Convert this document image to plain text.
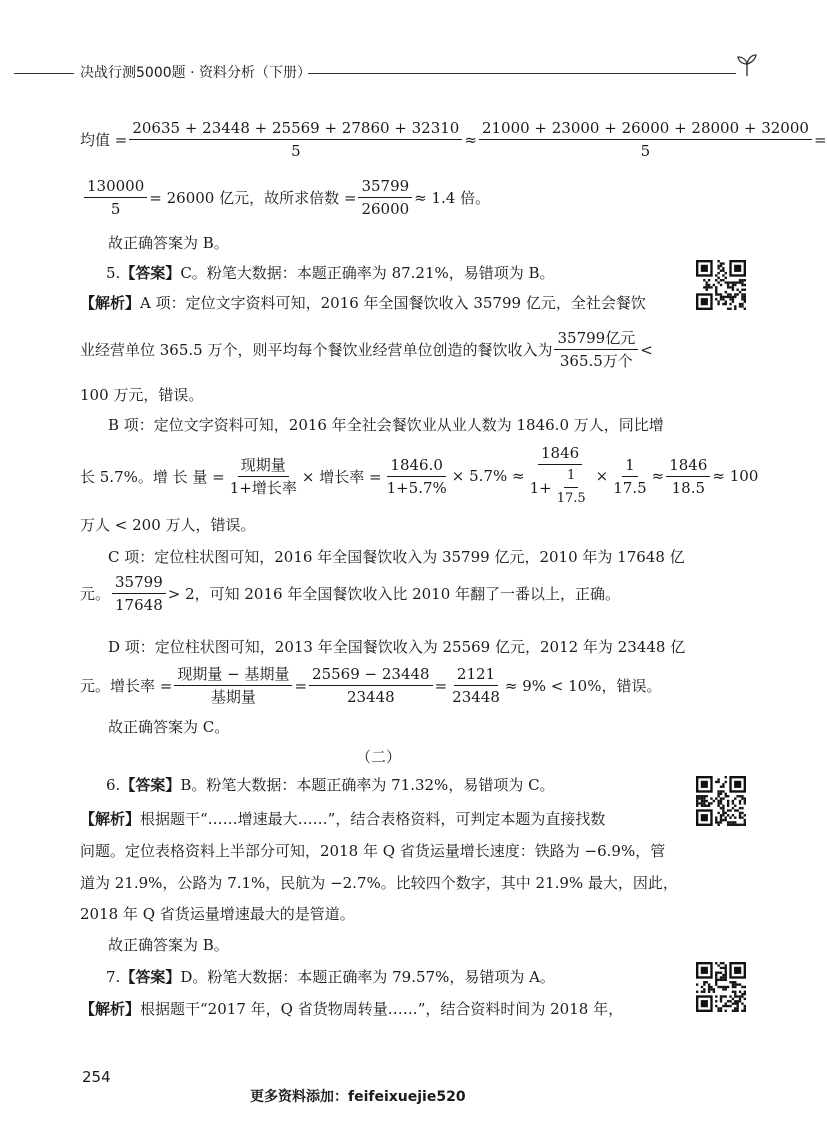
决战行测5000题 · 资料分析（下册）
均值 = $\frac{20635 + 23448 + 25569 + 27860 + 32310}{5} \approx \frac{21000 + 23000 + 26000 + 28000 + 32000}{5}$ =
$\frac{130000}{5} = 26000$ 亿元，故所求倍数 = $\frac{35799}{26000} \approx 1.4$ 倍。
故正确答案为 B。
5.【答案】C。粉笔大数据：本题正确率为 87.21%，易错项为 B。
【解析】A 项：定位文字资料可知，2016 年全国餐饮收入 35799 亿元，全社会餐饮
业经营单位 365.5 万个，则平均每个餐饮业经营单位创造的餐饮收入为 $\frac{\text{35799亿元}}{\text{365.5万个}}$ <
100 万元，错误。
B 项：定位文字资料可知，2016 年全社会餐饮业从业人数为 1846.0 万人，同比增
长 5.7%。增 长 量 = $\frac{\text{现期量}}{\text{1+增长率}}$ × 增长率 = $\frac{1846.0}{1+5.7\%} \times 5.7\% \approx \frac{1846}{1+ \frac{1}{17.5}} \times \frac{1}{17.5} \approx \frac{1846}{18.5} \approx 100$
万人 < 200 万人，错误。
C 项：定位柱状图可知，2016 年全国餐饮收入为 35799 亿元，2010 年为 17648 亿
元。 $\frac{35799}{17648} > 2$，可知 2016 年全国餐饮收入比 2010 年翻了一番以上，正确。
D 项：定位柱状图可知，2013 年全国餐饮收入为 25569 亿元，2012 年为 23448 亿
元。增长率 = $\frac{\text{现期量 − 基期量}}{\text{基期量}} = \frac{25569 - 23448}{23448} = \frac{2121}{23448} \approx 9\% < 10\%$，错误。
故正确答案为 C。
（二）
6.【答案】B。粉笔大数据：本题正确率为 71.32%，易错项为 C。
【解析】根据题干“……增速最大……”，结合表格资料，可判定本题为直接找数
问题。定位表格资料上半部分可知，2018 年 Q 省货运量增长速度：铁路为 −6.9%，管
道为 21.9%，公路为 7.1%，民航为 −2.7%。比较四个数字，其中 21.9% 最大，因此，
2018 年 Q 省货运量增速最大的是管道。
故正确答案为 B。
7.【答案】D。粉笔大数据：本题正确率为 79.57%，易错项为 A。
【解析】根据题干“2017 年，Q 省货物周转量……”，结合资料时间为 2018 年，
254
更多资料添加：feifeixuejie520
